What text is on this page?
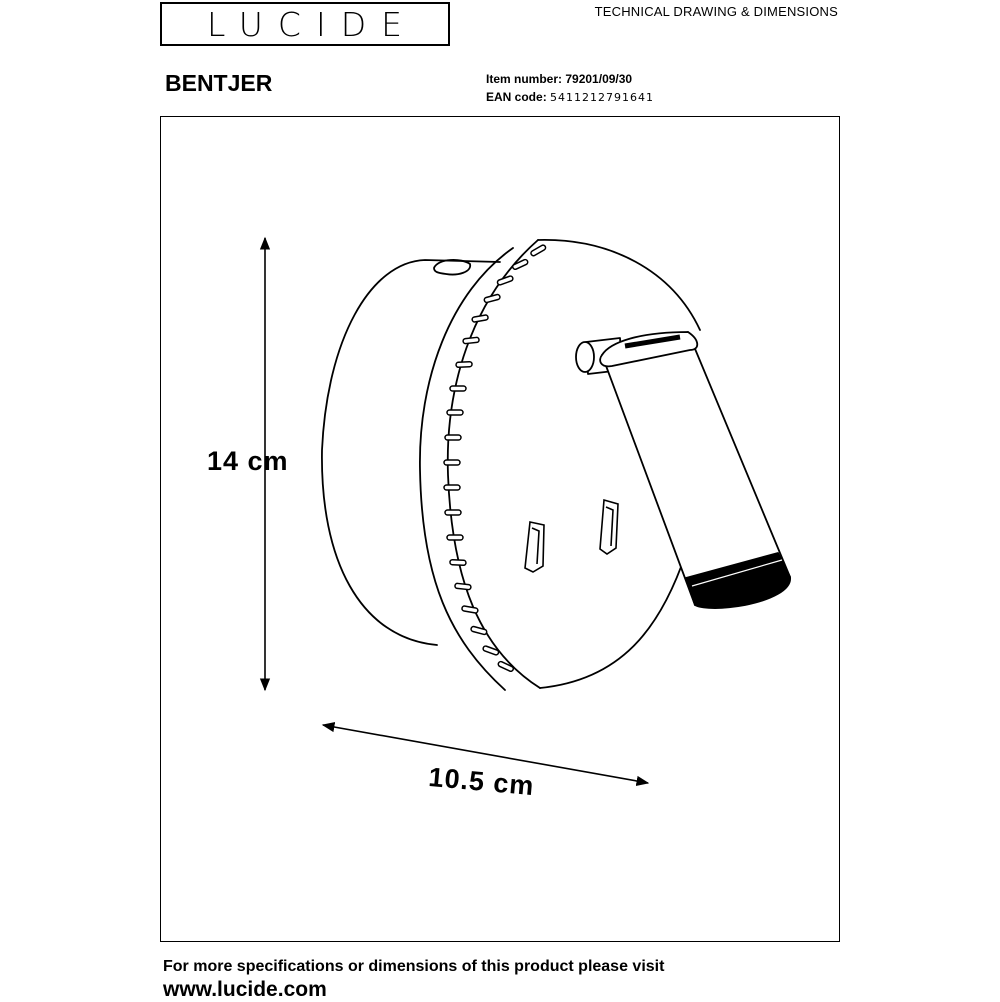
LUCIDE	TECHNICAL DRAWING & DIMENSIONS
BENTJER	Item number: 79201/09/30
EAN code: 5411212791641
14 cm
10.5 cm
For more specifications or dimensions of this product please visit
www.lucide.com
